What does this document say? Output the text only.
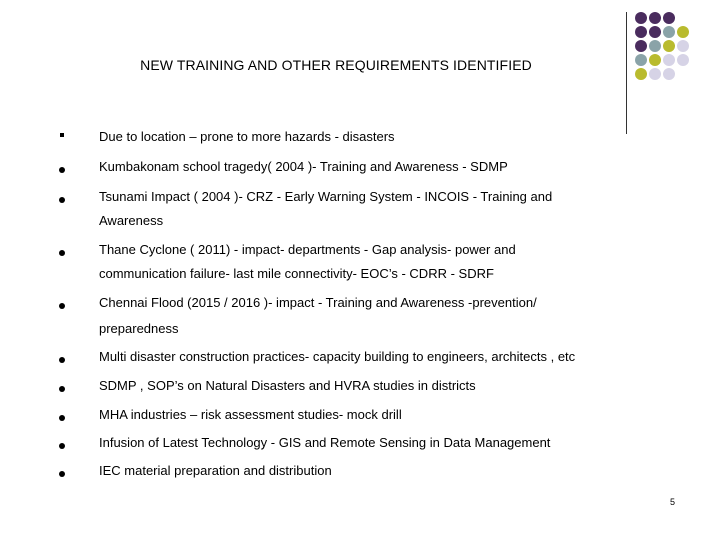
NEW TRAINING AND OTHER REQUIREMENTS IDENTIFIED
Due to location – prone to more hazards - disasters
Kumbakonam school tragedy( 2004 )- Training and Awareness - SDMP
Tsunami Impact ( 2004 )- CRZ - Early Warning System - INCOIS - Training and
Awareness
Thane Cyclone ( 2011) - impact- departments - Gap analysis- power and
communication failure- last mile connectivity- EOC’s - CDRR - SDRF
Chennai Flood (2015 / 2016 )- impact - Training and Awareness -prevention/
preparedness
Multi disaster construction practices- capacity building to engineers, architects , etc
SDMP , SOP’s on Natural Disasters and HVRA studies in districts
MHA industries – risk assessment studies- mock drill
Infusion of Latest Technology - GIS and Remote Sensing in Data Management
IEC material preparation and distribution
5
